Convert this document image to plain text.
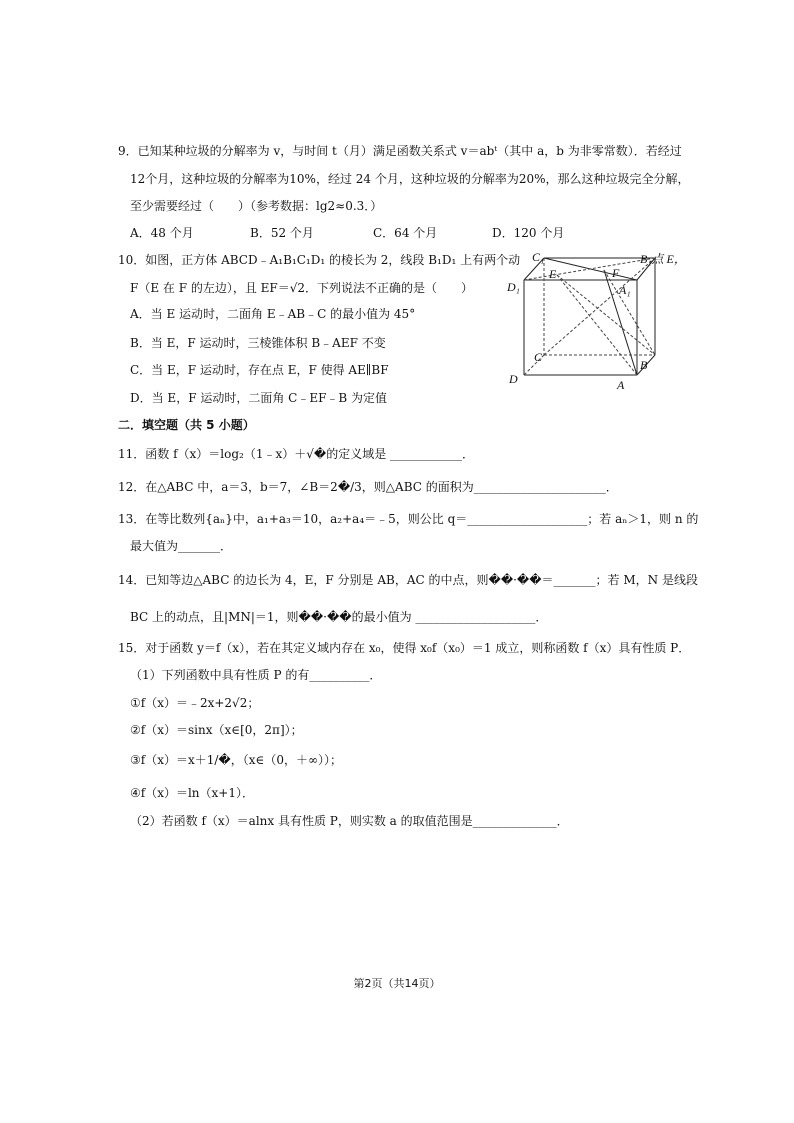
9．已知某种垃圾的分解率为 v，与时间 t（月）满足函数关系式 v＝abᵗ（其中 a，b 为非零常数）．若经过
12个月，这种垃圾的分解率为10%，经过 24 个月，这种垃圾的分解率为20%，那么这种垃圾完全分解，
至少需要经过（　　）（参考数据：lg2≈0.3．）
A．48 个月	B．52 个月	C．64 个月	D．120 个月
10．如图，正方体 ABCD﹣A₁B₁C₁D₁ 的棱长为 2，线段 B₁D₁ 上有两个动
F（E 在 F 的左边），且 EF＝√2．下列说法不正确的是（　　）
A．当 E 运动时，二面角 E﹣AB﹣C 的最小值为 45°
B．当 E，F 运动时，三棱锥体积 B﹣AEF 不变
C．当 E，F 运动时，存在点 E，F 使得 AE∥BF
D．当 E，F 运动时，二面角 C﹣EF﹣B 为定值
C₁	B₁点 E，
E	F
D₁	A₁
C
B
D	A
二．填空题（共 5 小题）
11．函数 f（x）＝log₂（1﹣x）＋√�的定义域是 ____________．
12．在△ABC 中，a＝3，b＝7，∠B＝2�/3，则△ABC 的面积为______________________．
13．在等比数列{aₙ}中，a₁+a₃＝10，a₂+a₄＝﹣5，则公比 q＝____________________；若 aₙ＞1，则 n 的
最大值为_______．
14．已知等边△ABC 的边长为 4，E，F 分别是 AB，AC 的中点，则��·��＝_______；若 M，N 是线段
BC 上的动点，且|MN|＝1，则��·��的最小值为 ____________________．
15．对于函数 y＝f（x），若在其定义域内存在 x₀，使得 x₀f（x₀）＝1 成立，则称函数 f（x）具有性质 P．
（1）下列函数中具有性质 P 的有__________．
①f（x）＝﹣2x+2√2；
②f（x）＝sinx（x∈[0，2π]）；
③f（x）＝x＋1/�，（x∈（0，＋∞））；
④f（x）＝ln（x+1）．
（2）若函数 f（x）＝alnx 具有性质 P，则实数 a 的取值范围是______________．
第2页（共14页）
